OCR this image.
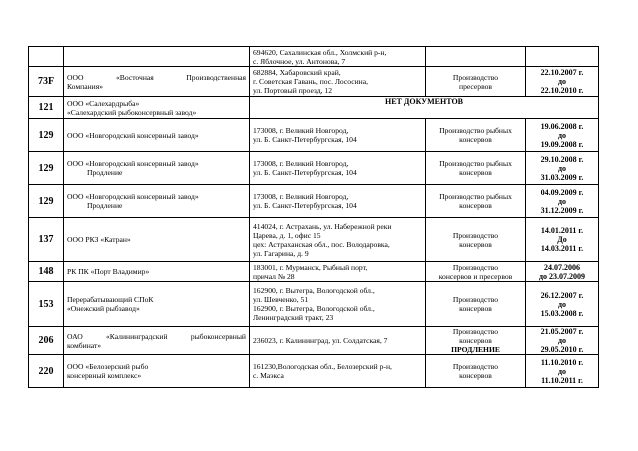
		694620, Сахалинская обл., Холмский р-н,
с. Яблочное, ул. Антонова, 7		

73F	ООО «Восточная Производственная
Компания»	682884, Хабаровский край,
г. Советская Гавань, пос. Лососина,
ул. Портовый проезд, 12	Производство
пресервов	22.10.2007 г.
до
22.10.2010 г.

121	ООО «Салехардрыба»
«Салехардский рыбоконсервный завод»	НЕТ ДОКУМЕНТОВ		
129	ООО «Новгородский консервный завод»	173008, г. Великий Новгород,
ул. Б. Санкт-Петербургская, 104	Производство рыбных
консервов	19.06.2008 г.
до
19.09.2008 г.

129	ООО «Новгородский консервный завод»
Продление	173008, г. Великий Новгород,
ул. Б. Санкт-Петербургская, 104	Производство рыбных
консервов	29.10.2008 г.
до
31.03.2009 г.

129	ООО «Новгородский консервный завод»
Продление	173008, г. Великий Новгород,
ул. Б. Санкт-Петербургская, 104	Производство рыбных
консервов	04.09.2009 г.
до
31.12.2009 г.

137	ООО РКЗ «Катран»	414024, г. Астрахань, ул. Набережной реки
Царева, д. 1, офис 15
цех: Астраханская обл., пос. Володаровка,
ул. Гагарина, д. 9	Производство
консервов	14.01.2011 г.
До
14.03.2011 г.

148	РК ПК «Порт Владимир»	183001, г. Мурманск, Рыбный порт,
причал № 28	Производство
консервов и пресервов	24.07.2006
до 23.07.2009

153	Перерабатывающий СПоК
«Онежский рыбзавод»	162900, г. Вытегра, Вологодской обл.,
ул. Шевченко, 51
162900, г. Вытегра, Вологодской обл.,
Ленинградский тракт, 23	Производство
консервов	26.12.2007 г.
до
15.03.2008 г.

206	ОАО «Калининградский рыбоконсервный
комбинат»	236023, г. Калининград, ул. Солдатская, 7	Производство
консервов
ПРОДЛЕНИЕ	21.05.2007 г.
до
29.05.2010 г.

220	ООО «Белозерский рыбо
консервный комплекс»	161230,Вологодская обл., Белозерский р-н,
с. Маэкса	Производство
консервов	11.10.2010 г.
до
11.10.2011 г.
